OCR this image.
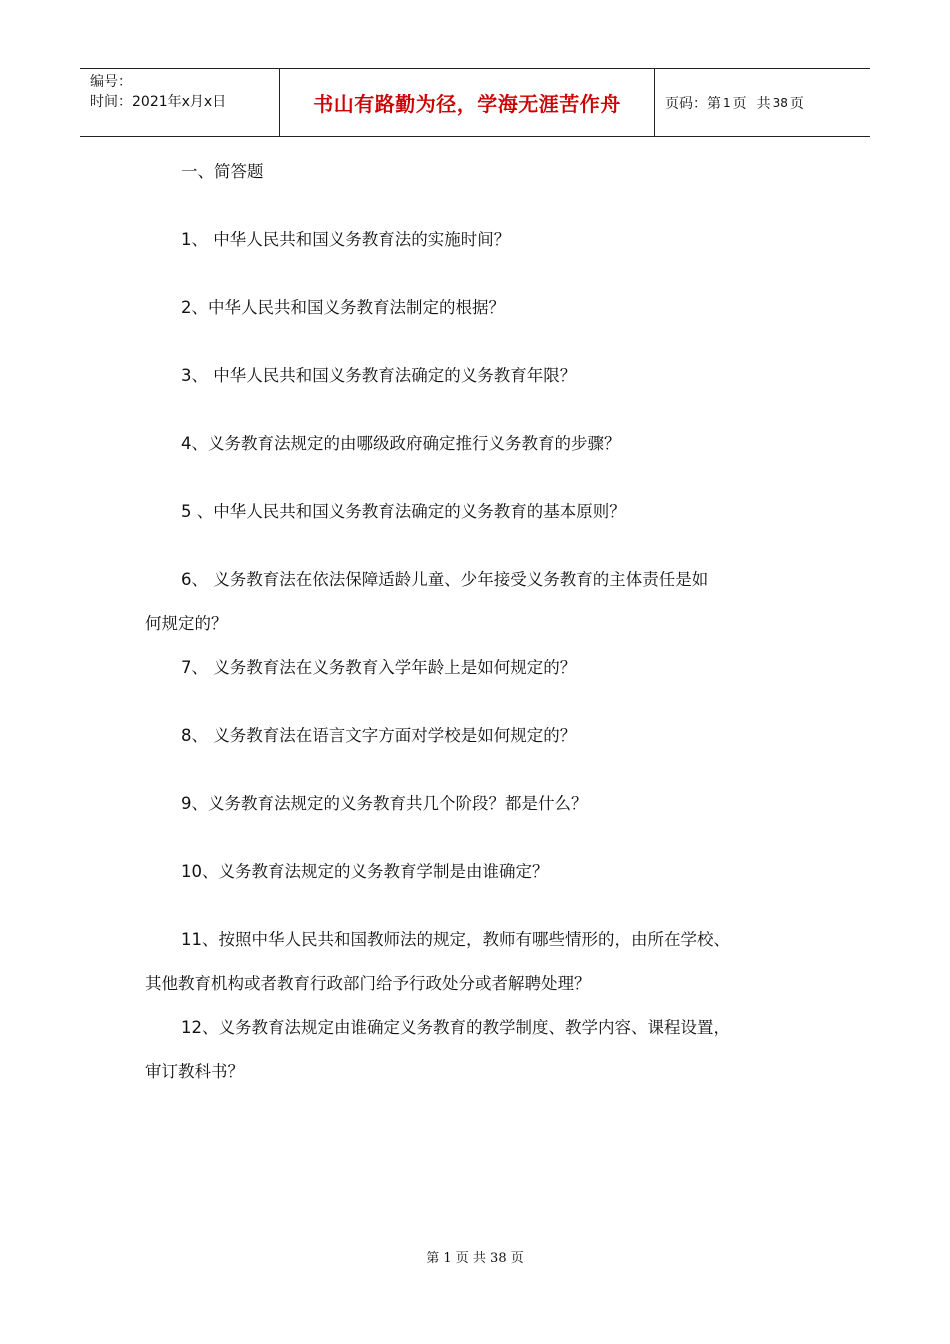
编号：
时间：2021年x月x日	书山有路勤为径，学海无涯苦作舟	页码：第 1 页 共 38 页

一、简答题

1、 中华人民共和国义务教育法的实施时间？

2、中华人民共和国义务教育法制定的根据？

3、 中华人民共和国义务教育法确定的义务教育年限？

4、义务教育法规定的由哪级政府确定推行义务教育的步骤？

5 、中华人民共和国义务教育法确定的义务教育的基本原则？

6、 义务教育法在依法保障适龄儿童、少年接受义务教育的主体责任是如

何规定的？

7、 义务教育法在义务教育入学年龄上是如何规定的？

8、 义务教育法在语言文字方面对学校是如何规定的？

9、义务教育法规定的义务教育共几个阶段？都是什么？

10、义务教育法规定的义务教育学制是由谁确定？

11、按照中华人民共和国教师法的规定，教师有哪些情形的，由所在学校、

其他教育机构或者教育行政部门给予行政处分或者解聘处理？

12、义务教育法规定由谁确定义务教育的教学制度、教学内容、课程设置，

审订教科书？

第 1 页 共 38 页
